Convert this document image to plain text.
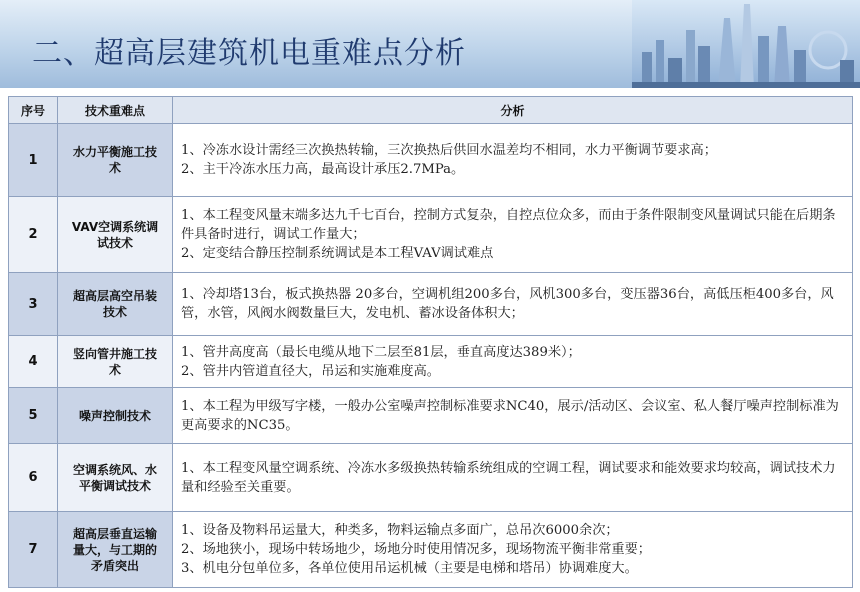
二、超高层建筑机电重难点分析
序号	技术重难点	分析
1	水力平衡施工技术	1、冷冻水设计需经三次换热转输，三次换热后供回水温差均不相同，水力平衡调节要求高；
2、主干冷冻水压力高，最高设计承压2.7MPa。

2	VAV空调系统调试技术	1、本工程变风量末端多达九千七百台，控制方式复杂，自控点位众多，而由于条件限制变风量调试只能在后期条件具备时进行，调试工作量大；
2、定变结合静压控制系统调试是本工程VAV调试难点

3	超高层高空吊装技术	1、冷却塔13台，板式换热器 20多台，空调机组200多台，风机300多台，变压器36台，高低压柜400多台，风管，水管，风阀水阀数量巨大，发电机、蓄冰设备体积大；

4	竖向管井施工技术	1、管井高度高（最长电缆从地下二层至81层，垂直高度达389米）；
2、管井内管道直径大，吊运和实施难度高。

5	噪声控制技术	1、本工程为甲级写字楼，一般办公室噪声控制标准要求NC40，展示/活动区、会议室、私人餐厅噪声控制标准为更高要求的NC35。

6	空调系统风、水平衡调试技术	1、本工程变风量空调系统、冷冻水多级换热转输系统组成的空调工程，调试要求和能效要求均较高，调试技术力量和经验至关重要。

7	超高层垂直运输量大，与工期的矛盾突出	1、设备及物料吊运量大，种类多，物料运输点多面广，总吊次6000余次；
2、场地狭小，现场中转场地少，场地分时使用情况多，现场物流平衡非常重要；
3、机电分包单位多，各单位使用吊运机械（主要是电梯和塔吊）协调难度大。
